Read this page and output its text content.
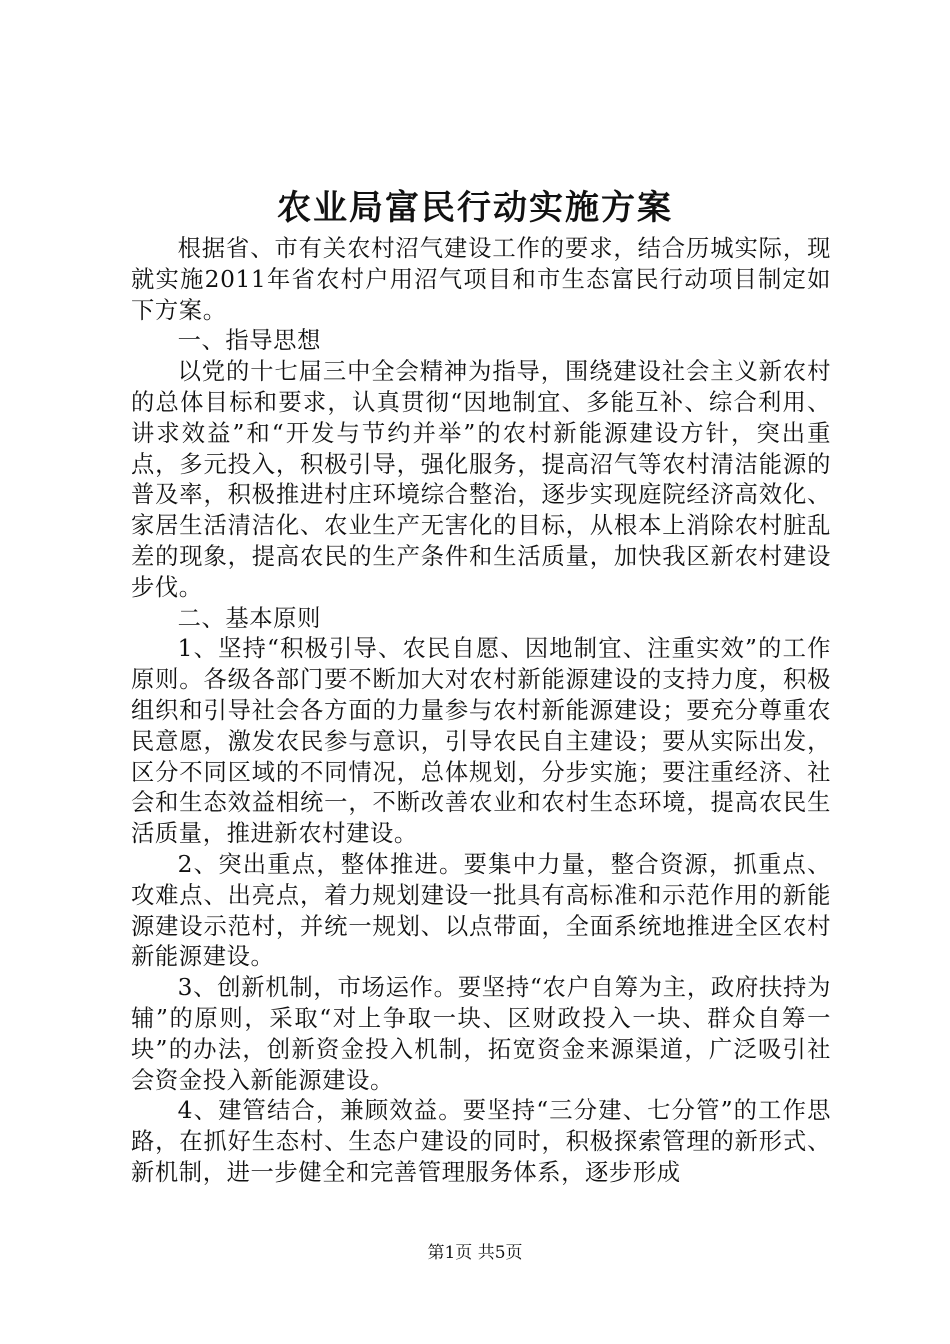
农业局富民行动实施方案

根据省、市有关农村沼气建设工作的要求，结合历城实际，现就实施2011年省农村户用沼气项目和市生态富民行动项目制定如下方案。

一、指导思想

以党的十七届三中全会精神为指导，围绕建设社会主义新农村的总体目标和要求，认真贯彻“因地制宜、多能互补、综合利用、讲求效益”和“开发与节约并举”的农村新能源建设方针，突出重点，多元投入，积极引导，强化服务，提高沼气等农村清洁能源的普及率，积极推进村庄环境综合整治，逐步实现庭院经济高效化、家居生活清洁化、农业生产无害化的目标，从根本上消除农村脏乱差的现象，提高农民的生产条件和生活质量，加快我区新农村建设步伐。

二、基本原则

1、坚持“积极引导、农民自愿、因地制宜、注重实效”的工作原则。各级各部门要不断加大对农村新能源建设的支持力度，积极组织和引导社会各方面的力量参与农村新能源建设；要充分尊重农民意愿，激发农民参与意识，引导农民自主建设；要从实际出发，区分不同区域的不同情况，总体规划，分步实施；要注重经济、社会和生态效益相统一，不断改善农业和农村生态环境，提高农民生活质量，推进新农村建设。

2、突出重点，整体推进。要集中力量，整合资源，抓重点、攻难点、出亮点，着力规划建设一批具有高标准和示范作用的新能源建设示范村，并统一规划、以点带面，全面系统地推进全区农村新能源建设。

3、创新机制，市场运作。要坚持“农户自筹为主，政府扶持为辅”的原则，采取“对上争取一块、区财政投入一块、群众自筹一块”的办法，创新资金投入机制，拓宽资金来源渠道，广泛吸引社会资金投入新能源建设。

4、建管结合，兼顾效益。要坚持“三分建、七分管”的工作思路，在抓好生态村、生态户建设的同时，积极探索管理的新形式、新机制，进一步健全和完善管理服务体系，逐步形成

第1页 共5页
